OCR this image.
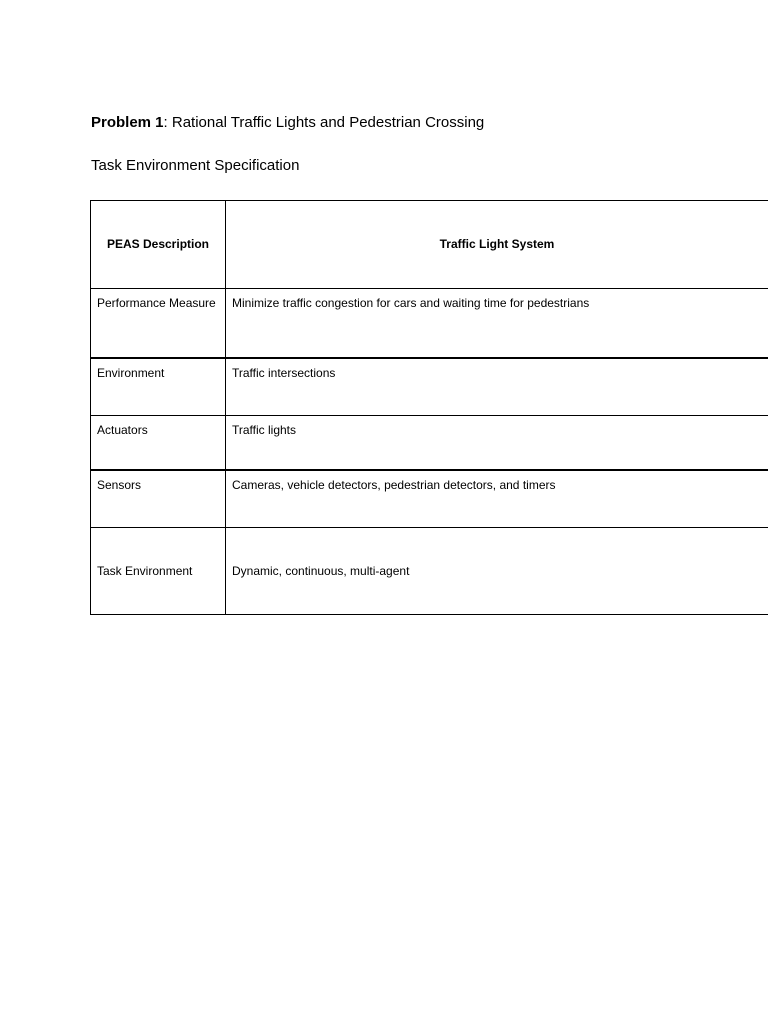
Problem 1: Rational Traffic Lights and Pedestrian Crossing
Task Environment Specification
PEAS Description	Traffic Light System

Performance Measure	Minimize traffic congestion for cars and waiting time for pedestrians

Environment	Traffic intersections

Actuators	Traffic lights

Sensors	Cameras, vehicle detectors, pedestrian detectors, and timers

Task Environment	Dynamic, continuous, multi-agent
